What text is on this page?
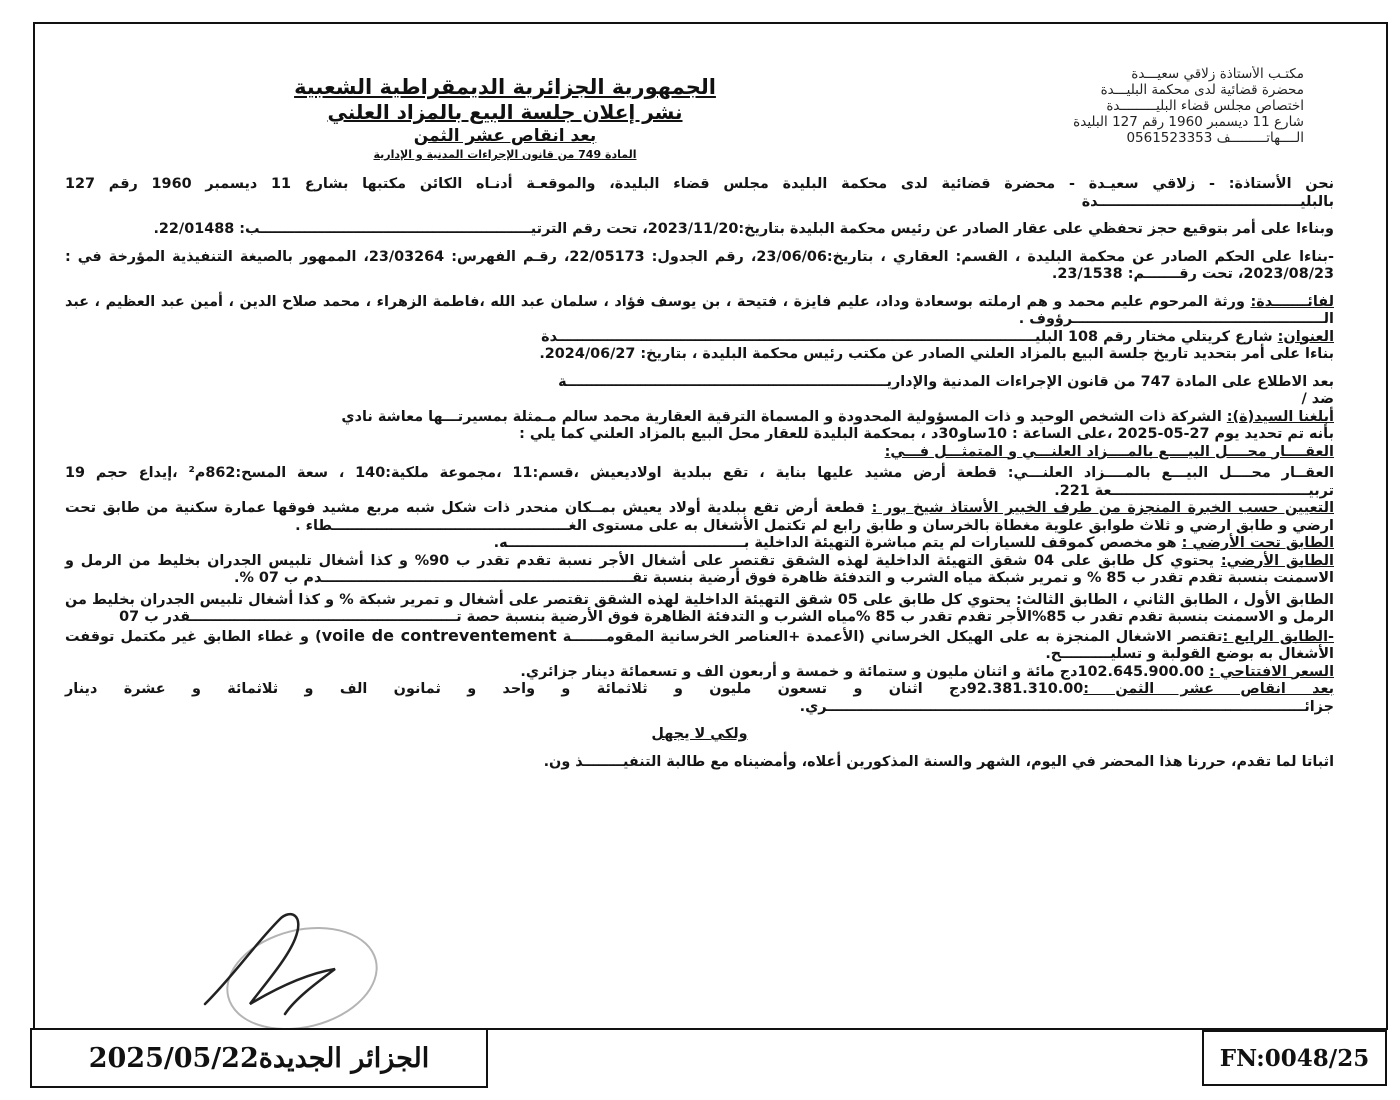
مكتـب الأستاذة زلاقي سعيـــدة
محضرة قضائية لدى محكمة البليـــدة
اختصاص مجلس قضاء البليـــــــــدة
شارع 11 ديسمبر 1960 رقم 127 البليدة
الــــهاتـــــــــف 0561523353
الجمهورية الجزائرية الديمقراطية الشعبية
نشر إعلان جلسة البيع بالمزاد العلني
بعد انقاص عشر الثمن
المادة 749 من قانون الإجراءات المدنية و الإدارية

نحن الأستاذة: - زلاقي سعيـدة - محضرة قضائية لدى محكمة البليدة مجلس قضاء البليدة، والموقعـة أدنـاه الكائن مكتبها بشارع 11 ديسمبر 1960 رقم 127 بالبليـــــــــــــــــــــــــــــــــــــــــدة

وبناءا على أمر بتوقيع حجز تحفظي على عقار الصادر عن رئيس محكمة البليدة بتاريخ:2023/11/20، تحت رقم الترتيـــــــــــــــــــــــــــــــــــــــــــــــــــــــب: 22/01488.

-بناءا على الحكم الصادر عن محكمة البليدة ، القسم: العقاري ، بتاريخ:23/06/06، رقم الجدول: 22/05173، رقـم الفهرس: 23/03264، الممهور بالصيغة التنفيذية المؤرخة في : 2023/08/23، تحت رقـــــــم: 23/1538.

لفائـــــــدة: ورثة المرحوم عليم محمد و هم ارملته بوسعادة وداد، عليم فايزة ، فتيحة ، بن يوسف فؤاد ، سلمان عبد الله ،فاطمة الزهراء ، محمد صلاح الدين ، أمين عبد العظيم ، عبد الـــــــــــــــــــــــــــــــــــــــــــــــــــرؤوف .

العنوان: شارع كريتلي مختار رقم 108 البليـــــــــــــــــــــــــــــــــــــــــــــــــــــــــــــــــــــــــــــــــــــــــــــــــدة

بناءا على أمر بتحديد تاريخ جلسة البيع بالمزاد العلني الصادر عن مكتب رئيس محكمة البليدة ، بتاريخ: 2024/06/27.

بعد الاطلاع على المادة 747 من قانون الإجراءات المدنية والإداريـــــــــــــــــــــــــــــــــــــــــــــــــــــــــــــــــة

ضد /

أبلغنا السيد(ة): الشركة ذات الشخص الوحيد و ذات المسؤولية المحدودة و المسماة الترقية العقارية محمد سالم مـمثلة بمسيرتـــها معاشة نادي

بأنه تم تحديد يوم 27-05-2025 ،على الساعة : 10ساو30د ، بمحكمة البليدة للعقار محل البيع بالمزاد العلني كما يلي :

العقــــار محــــل البيــــع بالمــــزاد العلنـــي و المتمثـــل فـــي:

العقــار محــــل البيـــع بالمــــزاد العلنـــي: قطعة أرض مشيد عليها بناية ، تقع ببلدية اولاديعيش ،قسم:11 ،مجموعة ملكية:140 ، سعة المسح:862م² ،إيداع حجم 19 تربيــــــــــــــــــــــــــــــــــــــــعة 221.

التعيين حسب الخبرة المنجزة من طرف الخبير الأستاذ شيخ بور : قطعة أرض تقع ببلدية أولاد يعيش بمــكان منحدر ذات شكل شبه مربع مشيد فوقها عمارة سكنية من طابق تحت ارضي و طابق ارضي و ثلاث طوابق علوية مغطاة بالخرسان و طابق رابع لم تكتمل الأشغال به على مستوى الغــــــــــــــــــــــــــــــــــــــــــــــــطاء .

الطابق تحت الأرضي : هو مخصص كموقف للسيارات لم يتم مباشرة التهيئة الداخلية بــــــــــــــــــــــــــــــــــــــــــــــــه.

الطابق الأرضي: يحتوي كل طابق على 04 شقق التهيئة الداخلية لهذه الشقق تقتصر على أشغال الأجر نسبة تقدم تقدر ب 90% و كذا أشغال تلبيس الجدران بخليط من الرمل و الاسمنت بنسبة تقدم تقدر ب 85 % و تمرير شبكة مياه الشرب و التدفئة ظاهرة فوق أرضية بنسبة تقـــــــــــــــــــــــــــــــــــــــــــــــــــــــــــــــدم ب 07 %.

الطابق الأول ، الطابق الثاني ، الطابق الثالث: يحتوي كل طابق على 05 شقق التهيئة الداخلية لهذه الشقق تقتصر على أشغال و تمرير شبكة % و كذا أشغال تلبيس الجدران بخليط من الرمل و الاسمنت بنسبة تقدم تقدر ب 85%الأجر تقدم تقدر ب 85 %مياه الشرب و التدفئة الظاهرة فوق الأرضية بنسبة حصة تــــــــــــــــــــــــــــــــــــــــــــــــــــــقدر ب 07

-الطابق الرابع :تقتصر الاشغال المنجزة به على الهيكل الخرساني (الأعمدة +العناصر الخرسانية المقومـــــــة voile de contreventement) و غطاء الطابق غير مكتمل توقفت الأشغال به بوضع القولبة و تسليــــــــــح.

السعر الافتتاحي : 102.645.900.00دج مائة و اثنان مليون و ستمائة و خمسة و أربعون الف و تسعمائة دينار جزائري.

بعد انقاص عشر الثمن :92.381.310.00دج اثنان و تسعون مليون و ثلاثمائة و واحد و ثمانون الف و ثلاثمائة و عشرة دينار جزائـــــــــــــــــــــــــــــــــــــــــــــــــــــــــــــــــــــــــــــــــــــــــــــــــري.

ولكي لا يجهل

اثباتا لما تقدم، حررنا هذا المحضر في اليوم، الشهر والسنة المذكورين أعلاه، وأمضيناه مع طالبة التنفيــــــــذ ون.

الجزائر الجديدة2025/05/22	FN:0048/25
